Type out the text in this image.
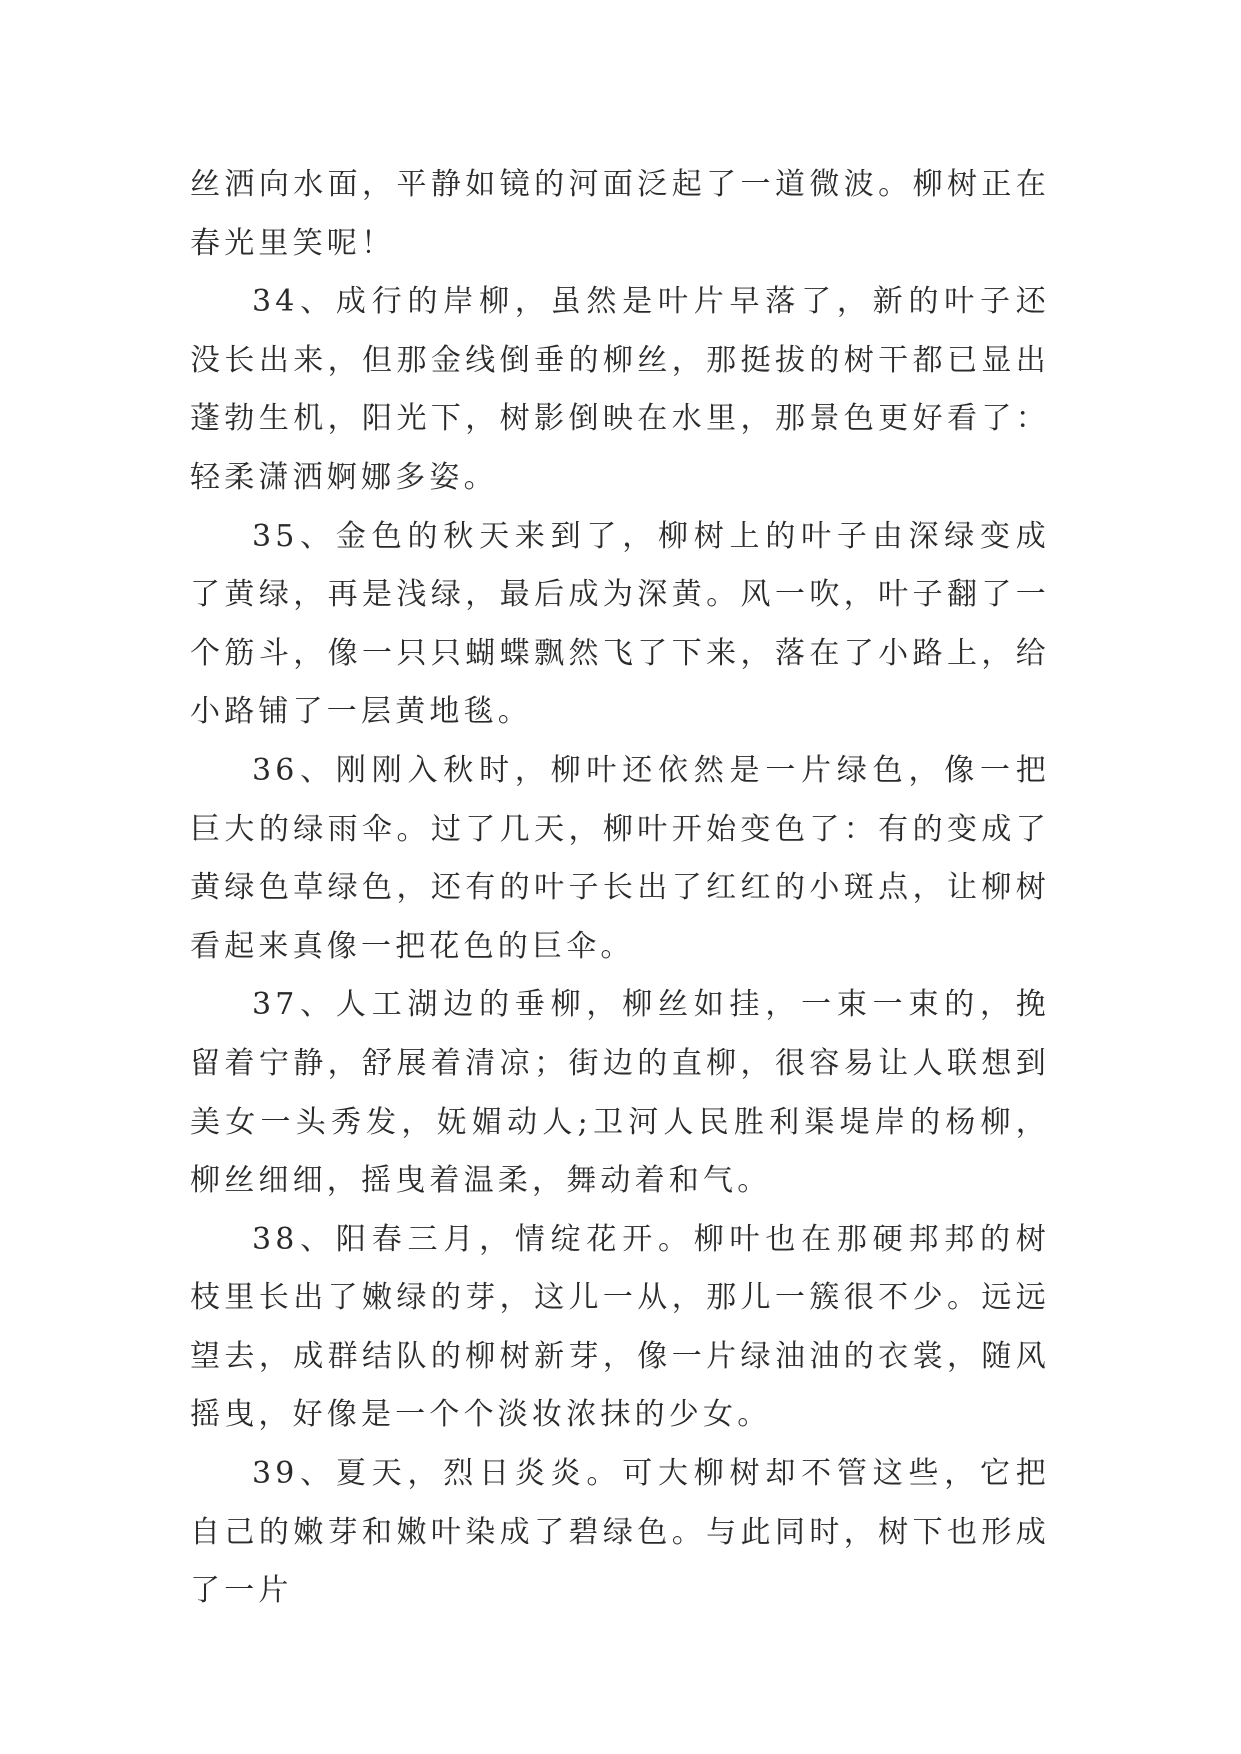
丝洒向水面，平静如镜的河面泛起了一道微波。柳树正在春光里笑呢！

34、成行的岸柳，虽然是叶片早落了，新的叶子还没长出来，但那金线倒垂的柳丝，那挺拔的树干都已显出蓬勃生机，阳光下，树影倒映在水里，那景色更好看了：轻柔潇洒婀娜多姿。

35、金色的秋天来到了，柳树上的叶子由深绿变成了黄绿，再是浅绿，最后成为深黄。风一吹，叶子翻了一个筋斗，像一只只蝴蝶飘然飞了下来，落在了小路上，给小路铺了一层黄地毯。

36、刚刚入秋时，柳叶还依然是一片绿色，像一把巨大的绿雨伞。过了几天，柳叶开始变色了：有的变成了黄绿色草绿色，还有的叶子长出了红红的小斑点，让柳树看起来真像一把花色的巨伞。

37、人工湖边的垂柳，柳丝如挂，一束一束的，挽留着宁静，舒展着清凉；街边的直柳，很容易让人联想到美女一头秀发，妩媚动人;卫河人民胜利渠堤岸的杨柳，柳丝细细，摇曳着温柔，舞动着和气。

38、阳春三月，情绽花开。柳叶也在那硬邦邦的树枝里长出了嫩绿的芽，这儿一从，那儿一簇很不少。远远望去，成群结队的柳树新芽，像一片绿油油的衣裳，随风摇曳，好像是一个个淡妆浓抹的少女。

39、夏天，烈日炎炎。可大柳树却不管这些，它把自己的嫩芽和嫩叶染成了碧绿色。与此同时，树下也形成了一片
